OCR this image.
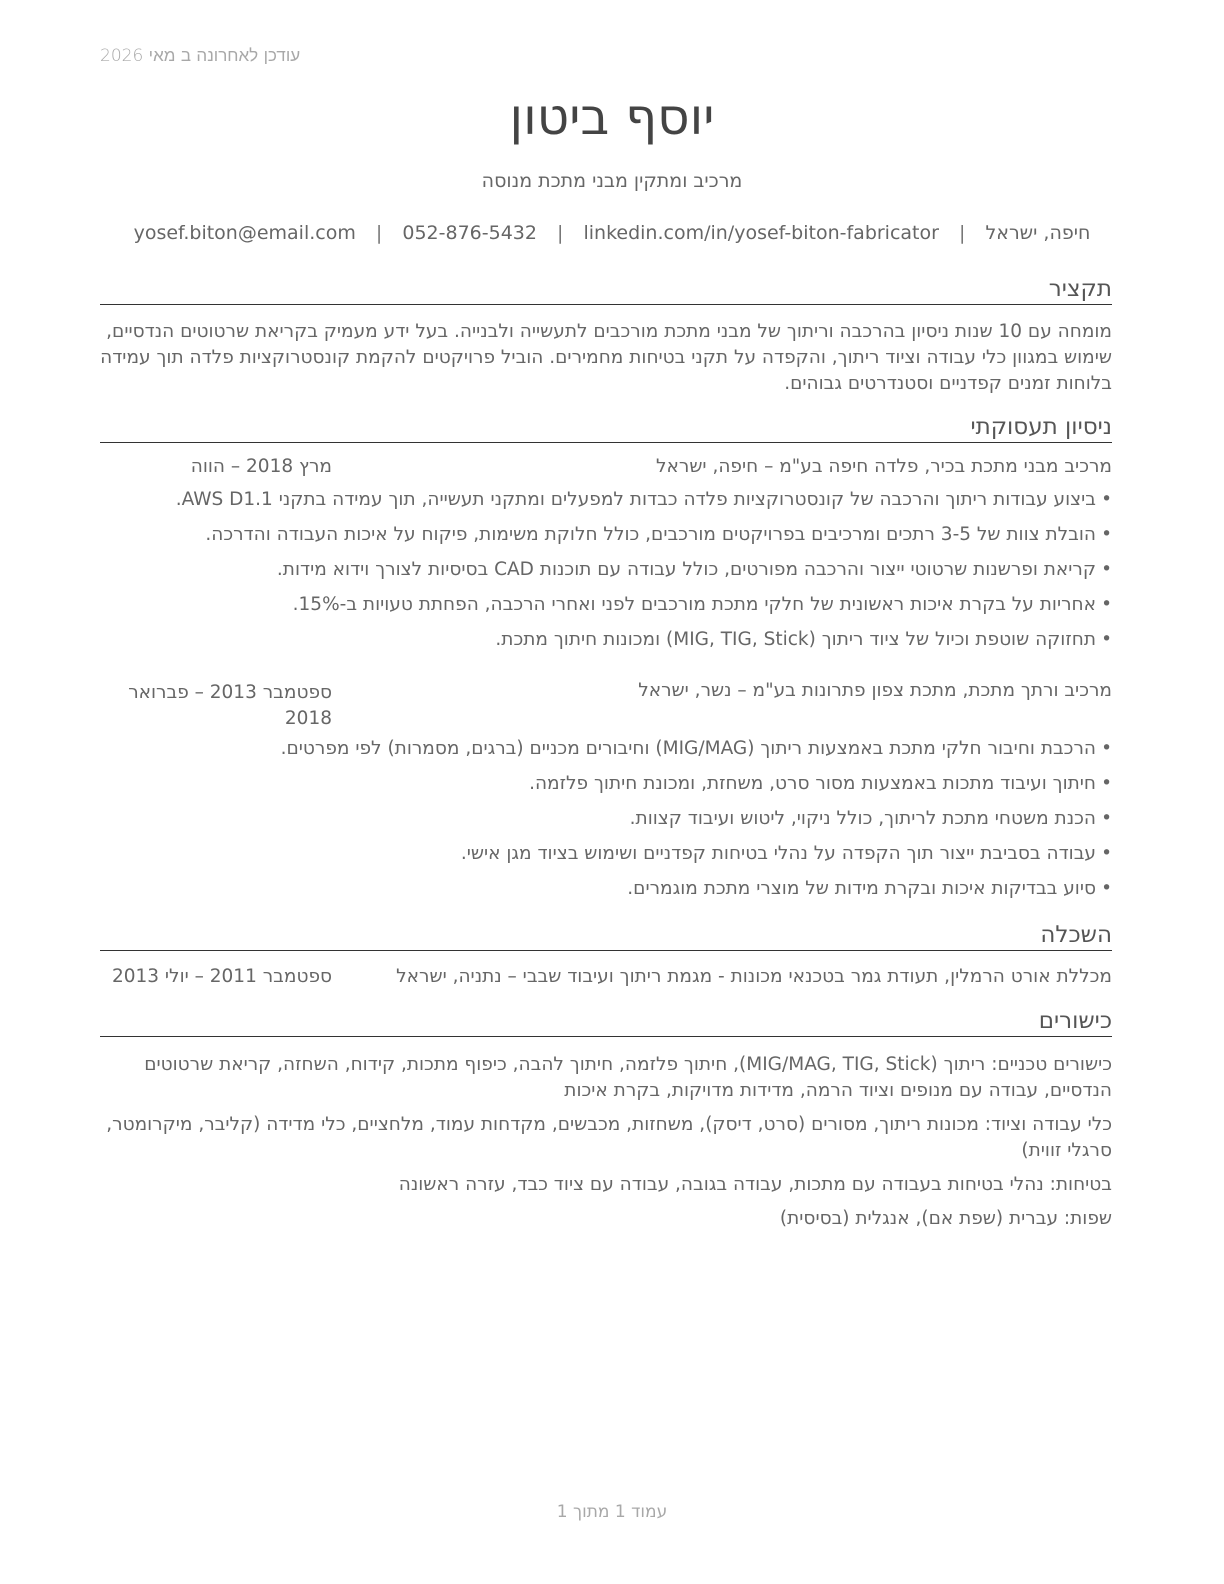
עודכן לאחרונה ב מאי 2026
יוסף ביטון
מרכיב ומתקין מבני מתכת מנוסה
חיפה, ישראל | yosef.biton@email.com | 052-876-5432 | linkedin.com/in/yosef-biton-fabricator
תקציר
מומחה עם 10 שנות ניסיון בהרכבה וריתוך של מבני מתכת מורכבים לתעשייה ולבנייה. בעל ידע מעמיק בקריאת שרטוטים הנדסיים, שימוש במגוון כלי עבודה וציוד ריתוך, והקפדה על תקני בטיחות מחמירים. הוביל פרויקטים להקמת קונסטרוקציות פלדה תוך עמידה בלוחות זמנים קפדניים וסטנדרטים גבוהים.
ניסיון תעסוקתי
מרכיב מבני מתכת בכיר, פלדה חיפה בע"מ – חיפה, ישראל
מרץ 2018 – הווה
• ביצוע עבודות ריתוך והרכבה של קונסטרוקציות פלדה כבדות למפעלים ומתקני תעשייה, תוך עמידה בתקני AWS D1.1.
• הובלת צוות של 3-5 רתכים ומרכיבים בפרויקטים מורכבים, כולל חלוקת משימות, פיקוח על איכות העבודה והדרכה.
• קריאת ופרשנות שרטוטי ייצור והרכבה מפורטים, כולל עבודה עם תוכנות CAD בסיסיות לצורך וידוא מידות.
• אחריות על בקרת איכות ראשונית של חלקי מתכת מורכבים לפני ואחרי הרכבה, הפחתת טעויות ב-15%.
• תחזוקה שוטפת וכיול של ציוד ריתוך (MIG, TIG, Stick) ומכונות חיתוך מתכת.
מרכיב ורתך מתכת, מתכת צפון פתרונות בע"מ – נשר, ישראל
ספטמבר 2013 – פברואר
2018
• הרכבת וחיבור חלקי מתכת באמצעות ריתוך (MIG/MAG) וחיבורים מכניים (ברגים, מסמרות) לפי מפרטים.
• חיתוך ועיבוד מתכות באמצעות מסור סרט, משחזת, ומכונת חיתוך פלזמה.
• הכנת משטחי מתכת לריתוך, כולל ניקוי, ליטוש ועיבוד קצוות.
• עבודה בסביבת ייצור תוך הקפדה על נהלי בטיחות קפדניים ושימוש בציוד מגן אישי.
• סיוע בבדיקות איכות ובקרת מידות של מוצרי מתכת מוגמרים.
השכלה
מכללת אורט הרמלין, תעודת גמר בטכנאי מכונות - מגמת ריתוך ועיבוד שבבי – נתניה, ישראל
ספטמבר 2011 – יולי 2013
כישורים
כישורים טכניים: ריתוך (MIG/MAG, TIG, Stick), חיתוך פלזמה, חיתוך להבה, כיפוף מתכות, קידוח, השחזה, קריאת שרטוטים הנדסיים, עבודה עם מנופים וציוד הרמה, מדידות מדויקות, בקרת איכות
כלי עבודה וציוד: מכונות ריתוך, מסורים (סרט, דיסק), משחזות, מכבשים, מקדחות עמוד, מלחציים, כלי מדידה (קליבר, מיקרומטר, סרגלי זווית)
בטיחות: נהלי בטיחות בעבודה עם מתכות, עבודה בגובה, עבודה עם ציוד כבד, עזרה ראשונה
שפות: עברית (שפת אם), אנגלית (בסיסית)
עמוד 1 מתוך 1
